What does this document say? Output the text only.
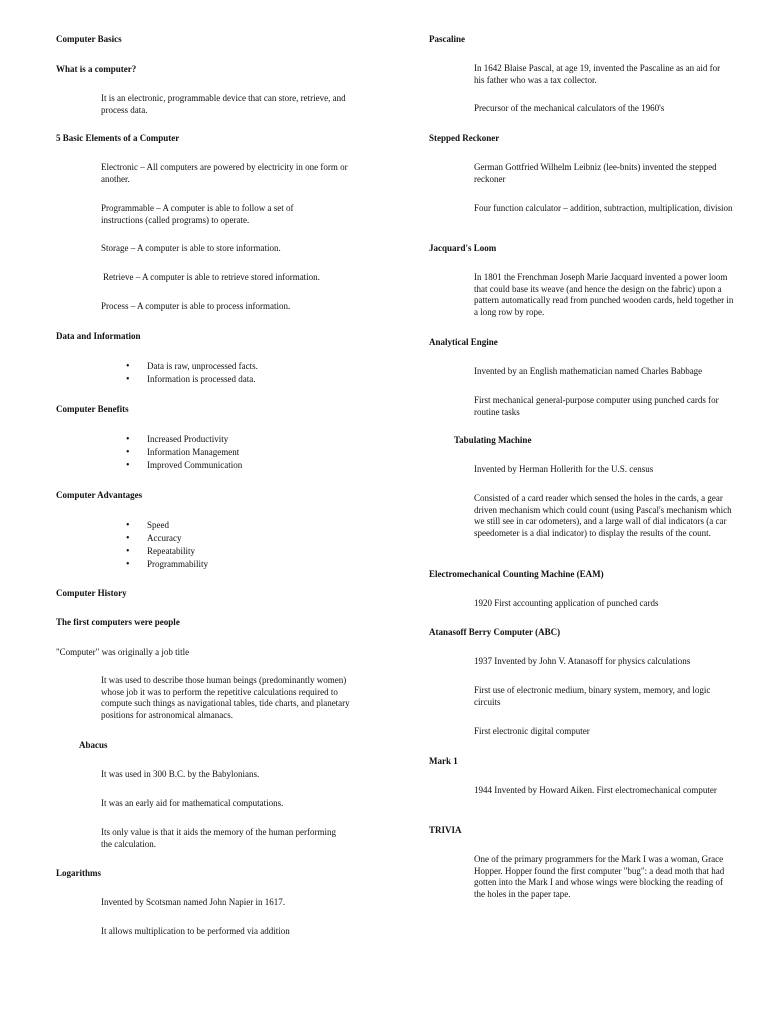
Computer Basics

What is a computer?

It is an electronic, programmable device that can store, retrieve, and process data.

5 Basic Elements of a Computer

Electronic – All computers are powered by electricity in one form or another.

Programmable – A computer is able to follow a set of instructions (called programs) to operate.

Storage – A computer is able to store information.

Retrieve – A computer is able to retrieve stored information.

Process – A computer is able to process information.

Data and Information

• Data is raw, unprocessed facts.
• Information is processed data.

Computer Benefits

• Increased Productivity
• Information Management
• Improved Communication

Computer Advantages

• Speed
• Accuracy
• Repeatability
• Programmability

Computer History

The first computers were people

"Computer" was originally a job title

It was used to describe those human beings (predominantly women) whose job it was to perform the repetitive calculations required to compute such things as navigational tables, tide charts, and planetary positions for astronomical almanacs.

Abacus

It was used in 300 B.C. by the Babylonians.

It was an early aid for mathematical computations.

Its only value is that it aids the memory of the human performing the calculation.

Logarithms

Invented by Scotsman named John Napier in 1617.

It allows multiplication to be performed via addition

Pascaline

In 1642 Blaise Pascal, at age 19, invented the Pascaline as an aid for his father who was a tax collector.

Precursor of the mechanical calculators of the 1960's

Stepped Reckoner

German Gottfried Wilhelm Leibniz (lee-bnits) invented the stepped reckoner

Four function calculator – addition, subtraction, multiplication, division

Jacquard's Loom

In 1801 the Frenchman Joseph Marie Jacquard invented a power loom that could base its weave (and hence the design on the fabric) upon a pattern automatically read from punched wooden cards, held together in a long row by rope.

Analytical Engine

Invented by an English mathematician named Charles Babbage

First mechanical general-purpose computer using punched cards for routine tasks

Tabulating Machine

Invented by Herman Hollerith for the U.S. census

Consisted of a card reader which sensed the holes in the cards, a gear driven mechanism which could count (using Pascal's mechanism which we still see in car odometers), and a large wall of dial indicators (a car speedometer is a dial indicator) to display the results of the count.

Electromechanical Counting Machine (EAM)

1920 First accounting application of punched cards

Atanasoff Berry Computer (ABC)

1937 Invented by John V. Atanasoff for physics calculations

First use of electronic medium, binary system, memory, and logic circuits

First electronic digital computer

Mark 1

1944 Invented by Howard Aiken. First electromechanical computer

TRIVIA

One of the primary programmers for the Mark I was a woman, Grace Hopper. Hopper found the first computer "bug": a dead moth that had gotten into the Mark I and whose wings were blocking the reading of the holes in the paper tape.
